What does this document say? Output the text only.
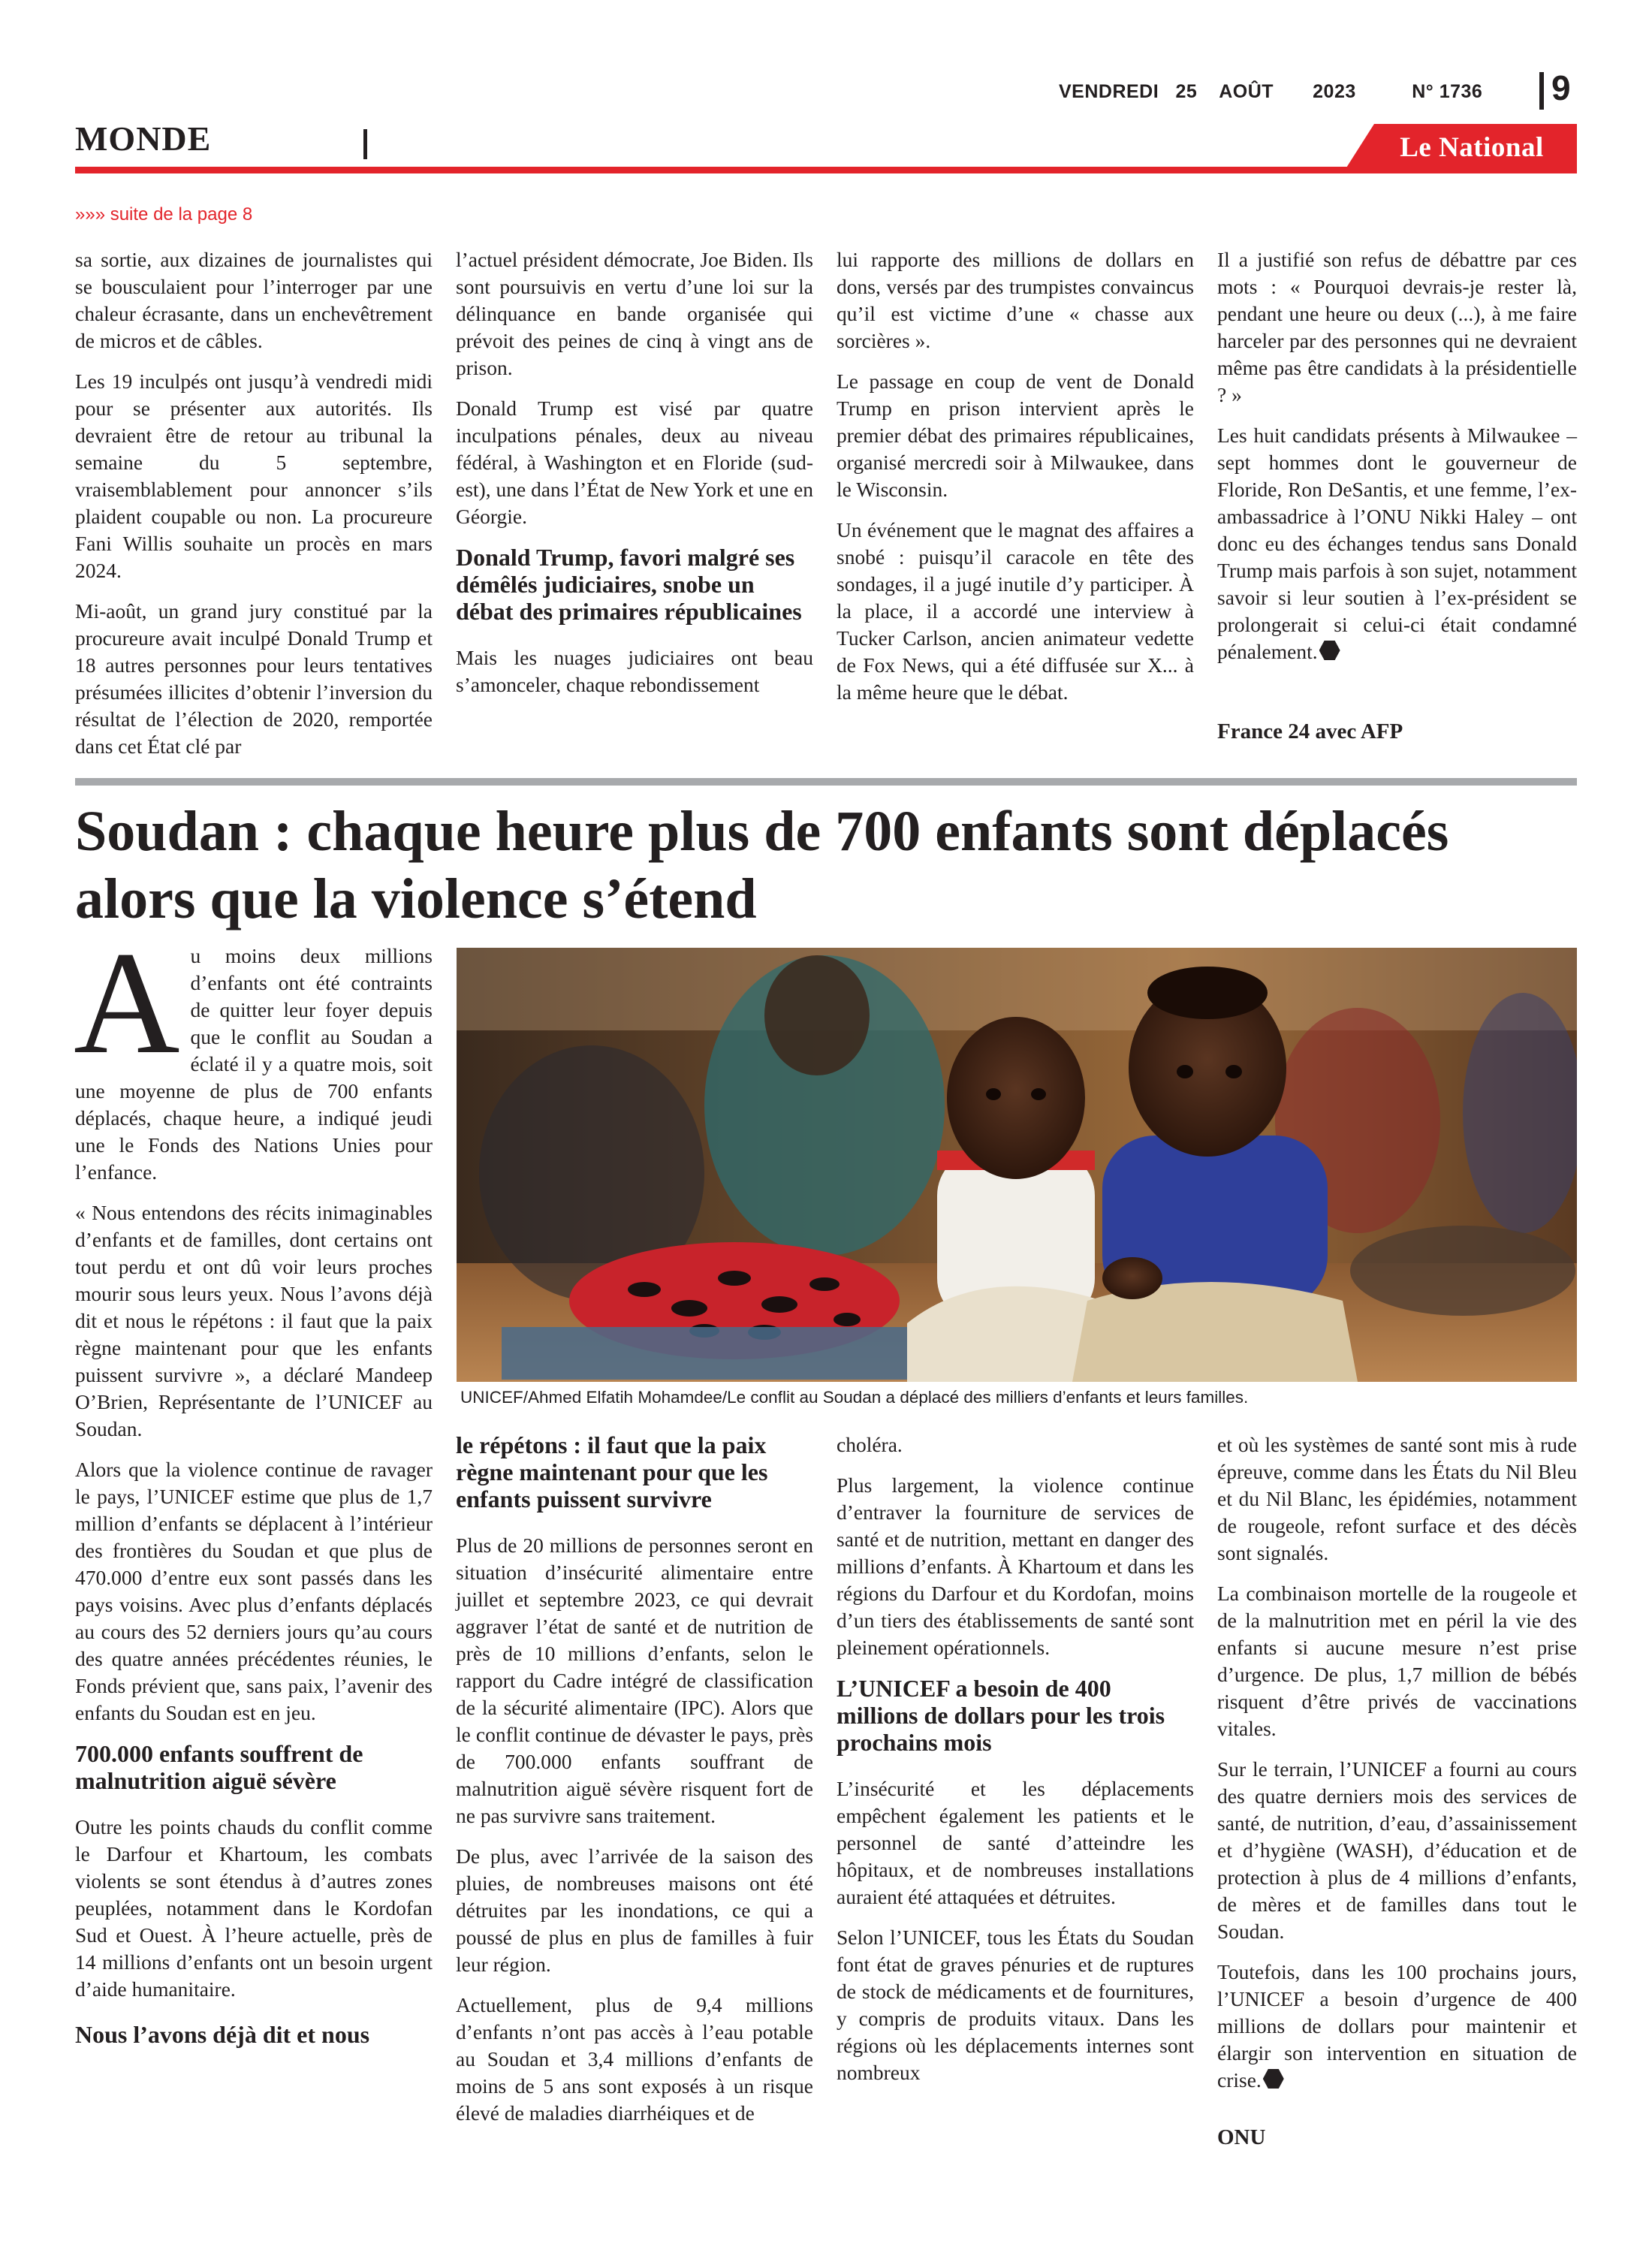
VENDREDI   25    AOÛT       2023          N° 1736 9
MONDE	Le National
»»» suite de la page 8

sa sortie, aux dizaines de journalistes qui se bousculaient pour l’interroger par une chaleur écrasante, dans un enchevêtrement de micros et de câbles.

Les 19 inculpés ont jusqu’à vendredi midi pour se présenter aux autorités. Ils devraient être de retour au tribunal la semaine du 5 septembre, vraisemblablement pour annoncer s’ils plaident coupable ou non. La procureure Fani Willis souhaite un procès en mars 2024.

Mi-août, un grand jury constitué par la procureure avait inculpé Donald Trump et 18 autres personnes pour leurs tentatives présumées illicites d’obtenir l’inversion du résultat de l’élection de 2020, remportée dans cet État clé par

l’actuel président démocrate, Joe Biden. Ils sont poursuivis en vertu d’une loi sur la délinquance en bande organisée qui prévoit des peines de cinq à vingt ans de prison.

Donald Trump est visé par quatre inculpations pénales, deux au niveau fédéral, à Washington et en Floride (sud-est), une dans l’État de New York et une en Géorgie.

Donald Trump, favori malgré ses démêlés judiciaires, snobe un débat des primaires républicaines

Mais les nuages judiciaires ont beau s’amonceler, chaque rebondissement

lui rapporte des millions de dollars en dons, versés par des trumpistes convaincus qu’il est victime d’une « chasse aux sorcières ».

Le passage en coup de vent de Donald Trump en prison intervient après le premier débat des primaires républicaines, organisé mercredi soir à Milwaukee, dans le Wisconsin.

Un événement que le magnat des affaires a snobé : puisqu’il caracole en tête des sondages, il a jugé inutile d’y participer. À la place, il a accordé une interview à Tucker Carlson, ancien animateur vedette de Fox News, qui a été diffusée sur X... à la même heure que le débat.

Il a justifié son refus de débattre par ces mots : « Pourquoi devrais-je rester là, pendant une heure ou deux (...), à me faire harceler par des personnes qui ne devraient même pas être candidats à la présidentielle ? »

Les huit candidats présents à Milwaukee – sept hommes dont le gouverneur de Floride, Ron DeSantis, et une femme, l’ex-ambassadrice à l’ONU Nikki Haley – ont donc eu des échanges tendus sans Donald Trump mais parfois à son sujet, notamment savoir si leur soutien à l’ex-président se prolongerait si celui-ci était condamné pénalement.

France 24 avec AFP

Soudan : chaque heure plus de 700 enfants sont déplacés alors que la violence s’étend

Au moins deux millions d’enfants ont été contraints de quitter leur foyer depuis que le conflit au Soudan a éclaté il y a quatre mois, soit une moyenne de plus de 700 enfants déplacés, chaque heure, a indiqué jeudi une le Fonds des Nations Unies pour l’enfance.

« Nous entendons des récits inimaginables d’enfants et de familles, dont certains ont tout perdu et ont dû voir leurs proches mourir sous leurs yeux. Nous l’avons déjà dit et nous le répétons : il faut que la paix règne maintenant pour que les enfants puissent survivre », a déclaré Mandeep O’Brien, Représentante de l’UNICEF au Soudan.

Alors que la violence continue de ravager le pays, l’UNICEF estime que plus de 1,7 million d’enfants se déplacent à l’intérieur des frontières du Soudan et que plus de 470.000 d’entre eux sont passés dans les pays voisins. Avec plus d’enfants déplacés au cours des 52 derniers jours qu’au cours des quatre années précédentes réunies, le Fonds prévient que, sans paix, l’avenir des enfants du Soudan est en jeu.

700.000 enfants souffrent de malnutrition aiguë sévère

Outre les points chauds du conflit comme le Darfour et Khartoum, les combats violents se sont étendus à d’autres zones peuplées, notamment dans le Kordofan Sud et Ouest. À l’heure actuelle, près de 14 millions d’enfants ont un besoin urgent d’aide humanitaire.

Nous l’avons déjà dit et nous
UNICEF/Ahmed Elfatih Mohamdee/Le conflit au Soudan a déplacé des milliers d’enfants et leurs familles.
le répétons : il faut que la paix règne maintenant pour que les enfants puissent survivre

Plus de 20 millions de personnes seront en situation d’insécurité alimentaire entre juillet et septembre 2023, ce qui devrait aggraver l’état de santé et de nutrition de près de 10 millions d’enfants, selon le rapport du Cadre intégré de classification de la sécurité alimentaire (IPC). Alors que le conflit continue de dévaster le pays, près de 700.000 enfants souffrant de malnutrition aiguë sévère risquent fort de ne pas survivre sans traitement.

De plus, avec l’arrivée de la saison des pluies, de nombreuses maisons ont été détruites par les inondations, ce qui a poussé de plus en plus de familles à fuir leur région.

Actuellement, plus de 9,4 millions d’enfants n’ont pas accès à l’eau potable au Soudan et 3,4 millions d’enfants de moins de 5 ans sont exposés à un risque élevé de maladies diarrhéiques et de

choléra.

Plus largement, la violence continue d’entraver la fourniture de services de santé et de nutrition, mettant en danger des millions d’enfants. À Khartoum et dans les régions du Darfour et du Kordofan, moins d’un tiers des établissements de santé sont pleinement opérationnels.

L’UNICEF a besoin de 400 millions de dollars pour les trois prochains mois

L’insécurité et les déplacements empêchent également les patients et le personnel de santé d’atteindre les hôpitaux, et de nombreuses installations auraient été attaquées et détruites.

Selon l’UNICEF, tous les États du Soudan font état de graves pénuries et de ruptures de stock de médicaments et de fournitures, y compris de produits vitaux. Dans les régions où les déplacements internes sont nombreux

et où les systèmes de santé sont mis à rude épreuve, comme dans les États du Nil Bleu et du Nil Blanc, les épidémies, notamment de rougeole, refont surface et des décès sont signalés.

La combinaison mortelle de la rougeole et de la malnutrition met en péril la vie des enfants si aucune mesure n’est prise d’urgence. De plus, 1,7 million de bébés risquent d’être privés de vaccinations vitales.

Sur le terrain, l’UNICEF a fourni au cours des quatre derniers mois des services de santé, de nutrition, d’eau, d’assainissement et d’hygiène (WASH), d’éducation et de protection à plus de 4 millions d’enfants, de mères et de familles dans tout le Soudan.

Toutefois, dans les 100 prochains jours, l’UNICEF a besoin d’urgence de 400 millions de dollars pour maintenir et élargir son intervention en situation de crise.

ONU
